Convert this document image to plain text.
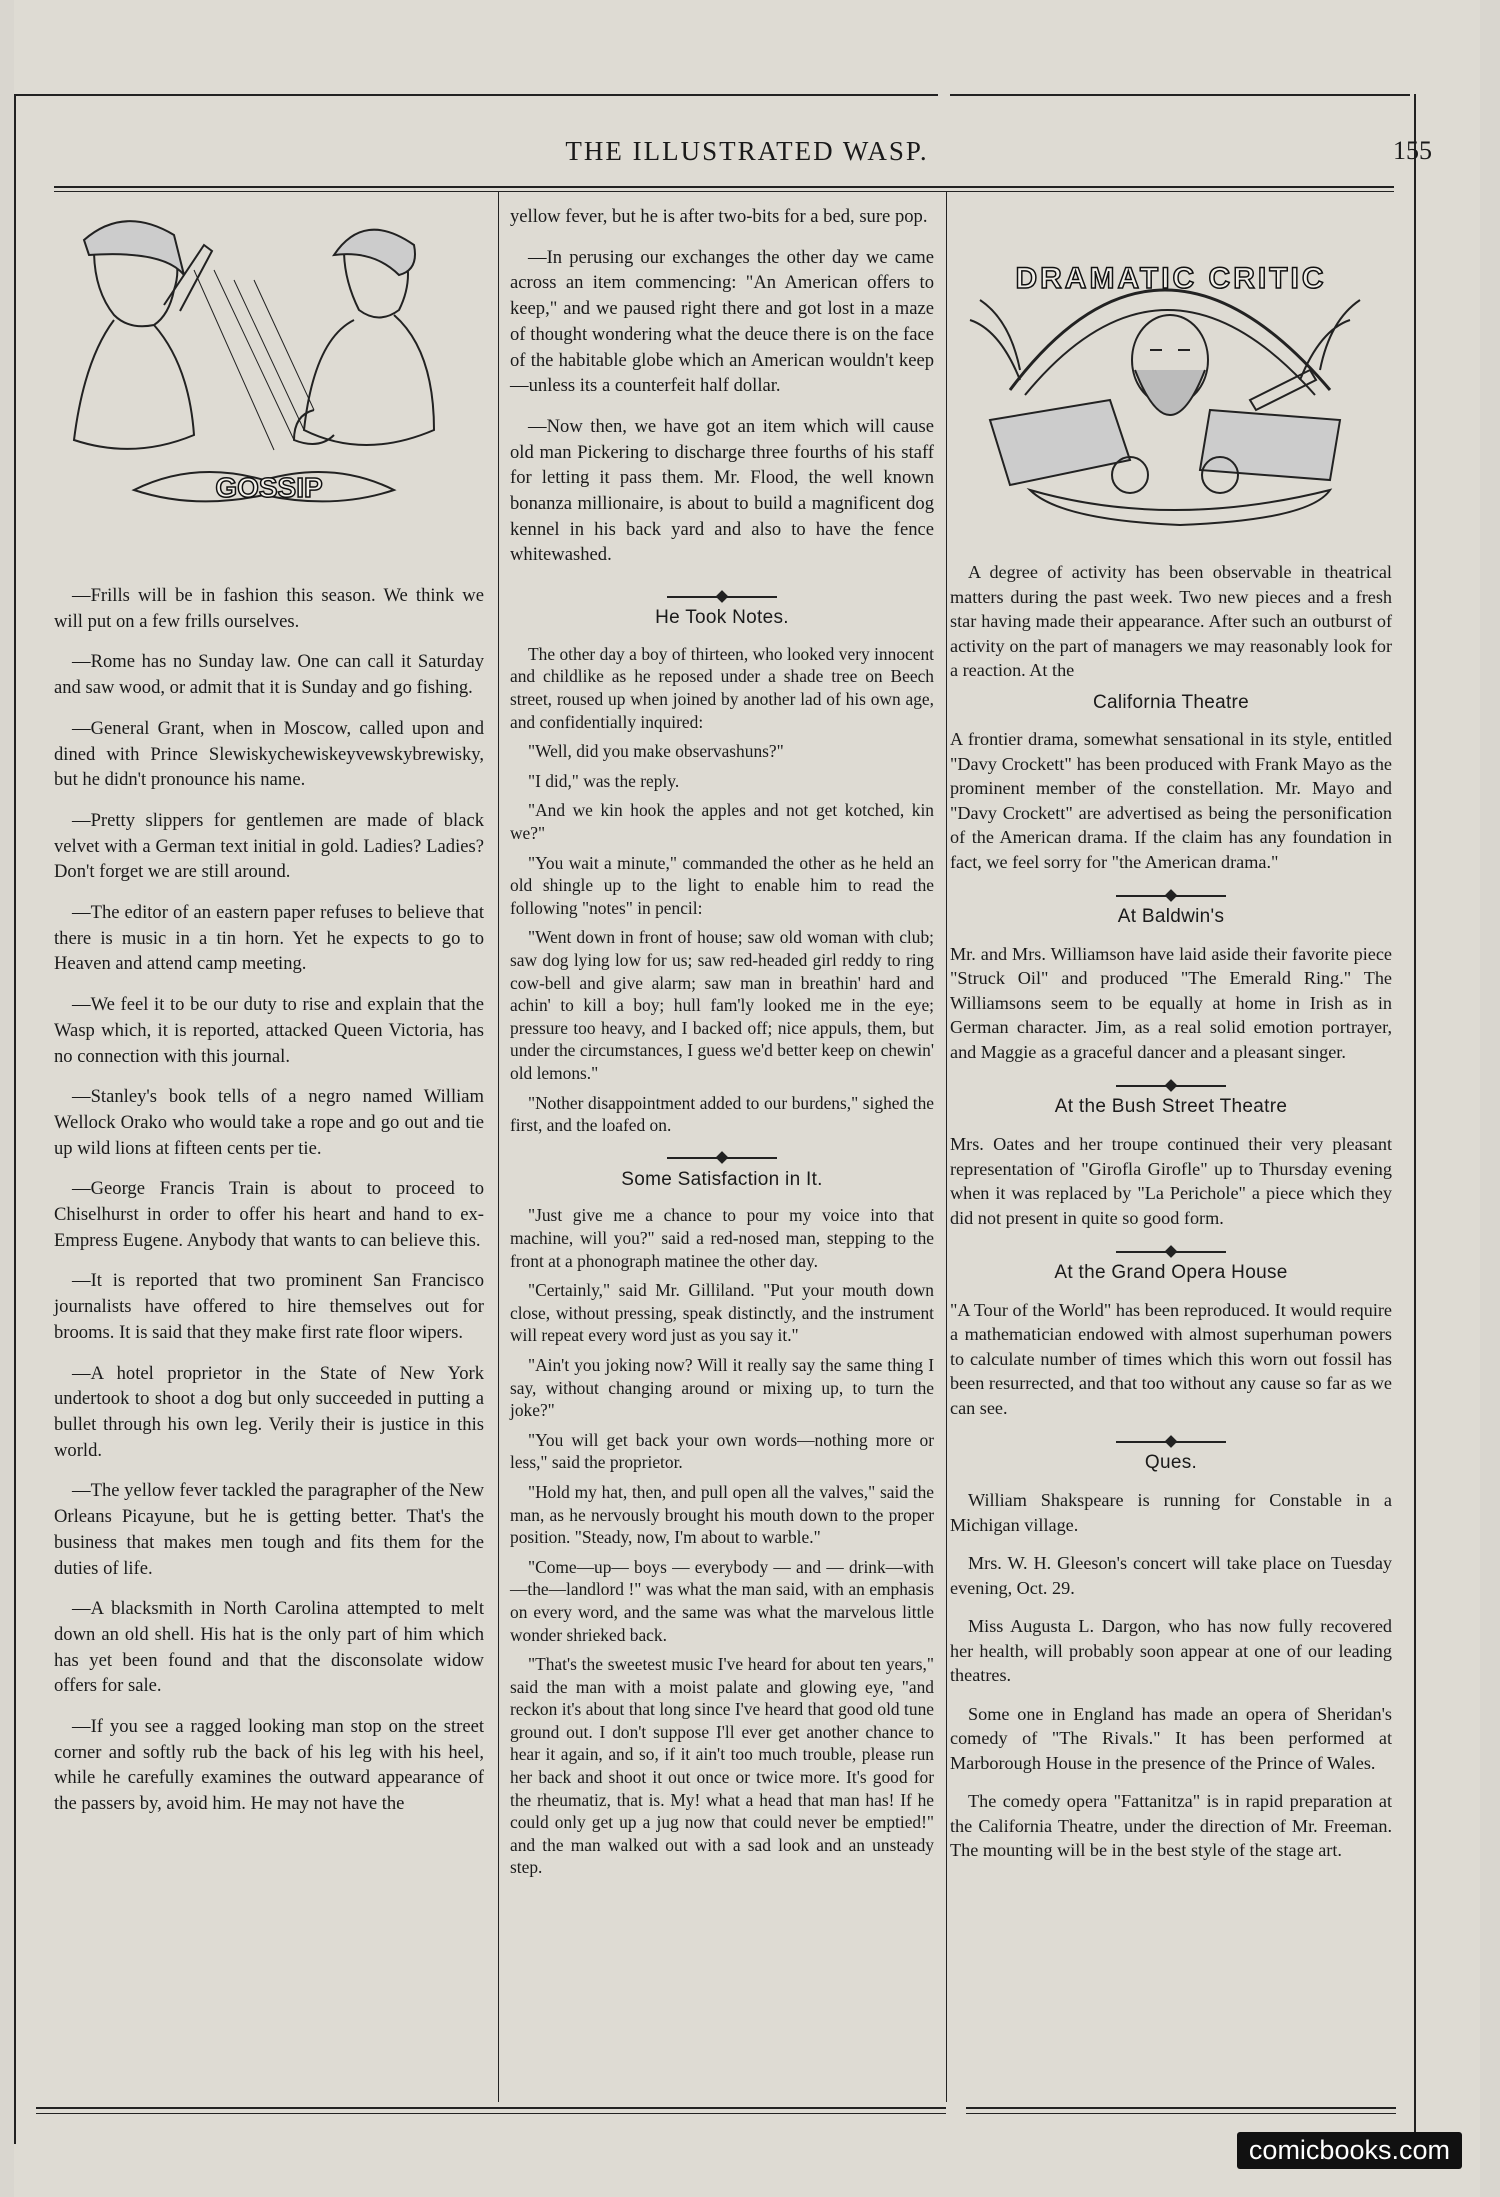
THE ILLUSTRATED WASP.	155
GOSSIP

—Frills will be in fashion this season. We think we will put on a few frills ourselves.

—Rome has no Sunday law. One can call it Saturday and saw wood, or admit that it is Sunday and go fishing.

—General Grant, when in Moscow, called upon and dined with Prince Slewiskychewiskeyvewskybrewisky, but he didn't pronounce his name.

—Pretty slippers for gentlemen are made of black velvet with a German text initial in gold. Ladies? Ladies? Don't forget we are still around.

—The editor of an eastern paper refuses to believe that there is music in a tin horn. Yet he expects to go to Heaven and attend camp meeting.

—We feel it to be our duty to rise and explain that the Wasp which, it is reported, attacked Queen Victoria, has no connection with this journal.

—Stanley's book tells of a negro named William Wellock Orako who would take a rope and go out and tie up wild lions at fifteen cents per tie.

—George Francis Train is about to proceed to Chiselhurst in order to offer his heart and hand to ex-Empress Eugene. Anybody that wants to can believe this.

—It is reported that two prominent San Francisco journalists have offered to hire themselves out for brooms. It is said that they make first rate floor wipers.

—A hotel proprietor in the State of New York undertook to shoot a dog but only succeeded in putting a bullet through his own leg. Verily their is justice in this world.

—The yellow fever tackled the paragrapher of the New Orleans Picayune, but he is getting better. That's the business that makes men tough and fits them for the duties of life.

—A blacksmith in North Carolina attempted to melt down an old shell. His hat is the only part of him which has yet been found and that the disconsolate widow offers for sale.

—If you see a ragged looking man stop on the street corner and softly rub the back of his leg with his heel, while he carefully examines the outward appearance of the passers by, avoid him. He may not have the

yellow fever, but he is after two-bits for a bed, sure pop.

—In perusing our exchanges the other day we came across an item commencing: "An American offers to keep," and we paused right there and got lost in a maze of thought wondering what the deuce there is on the face of the habitable globe which an American wouldn't keep—unless its a counterfeit half dollar.

—Now then, we have got an item which will cause old man Pickering to discharge three fourths of his staff for letting it pass them. Mr. Flood, the well known bonanza millionaire, is about to build a magnificent dog kennel in his back yard and also to have the fence whitewashed.

He Took Notes.

The other day a boy of thirteen, who looked very innocent and childlike as he reposed under a shade tree on Beech street, roused up when joined by another lad of his own age, and confidentially inquired:

"Well, did you make observashuns?"

"I did," was the reply.

"And we kin hook the apples and not get kotched, kin we?"

"You wait a minute," commanded the other as he held an old shingle up to the light to enable him to read the following "notes" in pencil:

"Went down in front of house; saw old woman with club; saw dog lying low for us; saw red-headed girl reddy to ring cow-bell and give alarm; saw man in breathin' hard and achin' to kill a boy; hull fam'ly looked me in the eye; pressure too heavy, and I backed off; nice appuls, them, but under the circumstances, I guess we'd better keep on chewin' old lemons."

"Nother disappointment added to our burdens," sighed the first, and the loafed on.

Some Satisfaction in It.

"Just give me a chance to pour my voice into that machine, will you?" said a red-nosed man, stepping to the front at a phonograph matinee the other day.

"Certainly," said Mr. Gilliland. "Put your mouth down close, without pressing, speak distinctly, and the instrument will repeat every word just as you say it."

"Ain't you joking now? Will it really say the same thing I say, without changing around or mixing up, to turn the joke?"

"You will get back your own words—nothing more or less," said the proprietor.

"Hold my hat, then, and pull open all the valves," said the man, as he nervously brought his mouth down to the proper position. "Steady, now, I'm about to warble."

"Come—up— boys — everybody — and — drink—with—the—landlord !" was what the man said, with an emphasis on every word, and the same was what the marvelous little wonder shrieked back.

"That's the sweetest music I've heard for about ten years," said the man with a moist palate and glowing eye, "and reckon it's about that long since I've heard that good old tune ground out. I don't suppose I'll ever get another chance to hear it again, and so, if it ain't too much trouble, please run her back and shoot it out once or twice more. It's good for the rheumatiz, that is. My! what a head that man has! If he could only get up a jug now that could never be emptied!" and the man walked out with a sad look and an unsteady step.

DRAMATIC CRITIC

A degree of activity has been observable in theatrical matters during the past week. Two new pieces and a fresh star having made their appearance. After such an outburst of activity on the part of managers we may reasonably look for a reaction. At the

California Theatre

A frontier drama, somewhat sensational in its style, entitled "Davy Crockett" has been produced with Frank Mayo as the prominent member of the constellation. Mr. Mayo and "Davy Crockett" are advertised as being the personification of the American drama. If the claim has any foundation in fact, we feel sorry for "the American drama."

At Baldwin's

Mr. and Mrs. Williamson have laid aside their favorite piece "Struck Oil" and produced "The Emerald Ring." The Williamsons seem to be equally at home in Irish as in German character. Jim, as a real solid emotion portrayer, and Maggie as a graceful dancer and a pleasant singer.

At the Bush Street Theatre

Mrs. Oates and her troupe continued their very pleasant representation of "Girofla Girofle" up to Thursday evening when it was replaced by "La Perichole" a piece which they did not present in quite so good form.

At the Grand Opera House

"A Tour of the World" has been reproduced. It would require a mathematician endowed with almost superhuman powers to calculate number of times which this worn out fossil has been resurrected, and that too without any cause so far as we can see.

Ques.

William Shakspeare is running for Constable in a Michigan village.

Mrs. W. H. Gleeson's concert will take place on Tuesday evening, Oct. 29.

Miss Augusta L. Dargon, who has now fully recovered her health, will probably soon appear at one of our leading theatres.

Some one in England has made an opera of Sheridan's comedy of "The Rivals." It has been performed at Marborough House in the presence of the Prince of Wales.

The comedy opera "Fattanitza" is in rapid preparation at the California Theatre, under the direction of Mr. Freeman. The mounting will be in the best style of the stage art.

comicbooks.com
